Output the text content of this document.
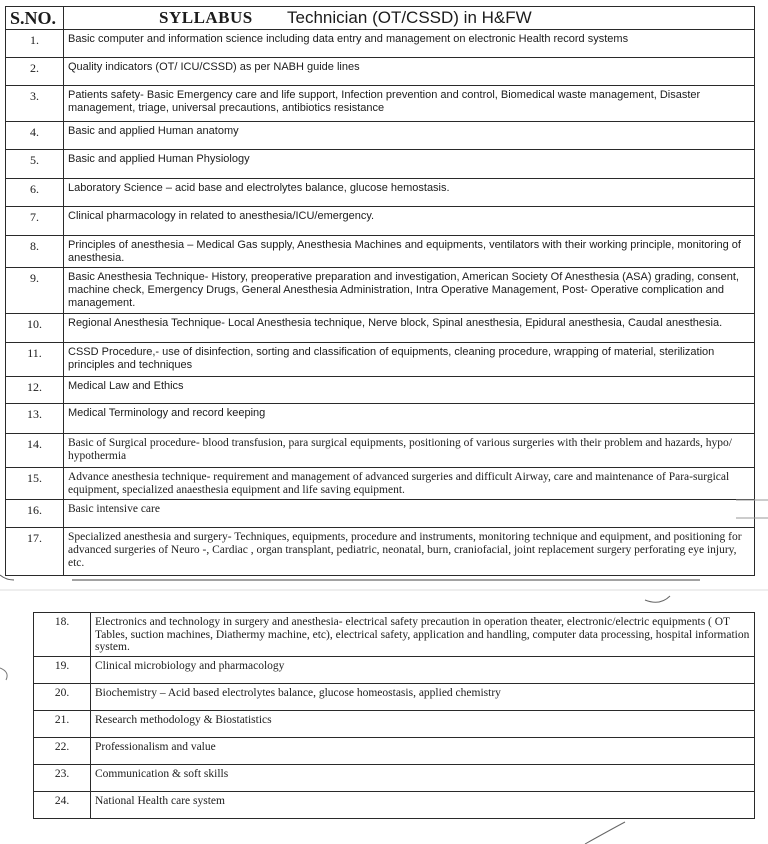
S.NO.	SYLLABUS Technician (OT/CSSD) in H&FW
1.	Basic computer and information science including data entry and management on electronic Health record systems
2.	Quality indicators (OT/ ICU/CSSD) as per NABH guide lines
3.	Patients safety- Basic Emergency care and life support, Infection prevention and control, Biomedical waste management, Disaster management, triage, universal precautions, antibiotics resistance
4.	Basic and applied Human anatomy
5.	Basic and applied Human Physiology
6.	Laboratory Science – acid base and electrolytes balance, glucose hemostasis.
7.	Clinical pharmacology in related to anesthesia/ICU/emergency.
8.	Principles of anesthesia – Medical Gas supply, Anesthesia Machines and equipments, ventilators with their working principle, monitoring of anesthesia.
9.	Basic Anesthesia Technique- History, preoperative preparation and investigation, American Society Of Anesthesia (ASA) grading, consent, machine check, Emergency Drugs, General Anesthesia Administration, Intra Operative Management, Post- Operative complication and management.
10.	Regional Anesthesia Technique- Local Anesthesia technique, Nerve block, Spinal anesthesia, Epidural anesthesia, Caudal anesthesia.
11.	CSSD Procedure,- use of disinfection, sorting and classification of equipments, cleaning procedure, wrapping of material, sterilization principles and techniques
12.	Medical Law and Ethics
13.	Medical Terminology and record keeping
14.	Basic of Surgical procedure- blood transfusion, para surgical equipments, positioning of various surgeries with their problem and hazards, hypo/ hypothermia
15.	Advance anesthesia technique- requirement and management of advanced surgeries and difficult Airway, care and maintenance of Para-surgical equipment, specialized anaesthesia equipment and life saving equipment.
16.	Basic intensive care
17.	Specialized anesthesia and surgery- Techniques, equipments, procedure and instruments, monitoring technique and equipment, and positioning for advanced surgeries of Neuro -, Cardiac , organ transplant, pediatric, neonatal, burn, craniofacial, joint replacement surgery perforating eye injury, etc.
18.	Electronics and technology in surgery and anesthesia- electrical safety precaution in operation theater, electronic/electric equipments ( OT Tables, suction machines, Diathermy machine, etc), electrical safety, application and handling, computer data processing, hospital information system.
19.	Clinical microbiology and pharmacology
20.	Biochemistry – Acid based electrolytes balance, glucose homeostasis, applied chemistry
21.	Research methodology & Biostatistics
22.	Professionalism and value
23.	Communication & soft skills
24.	National Health care system
